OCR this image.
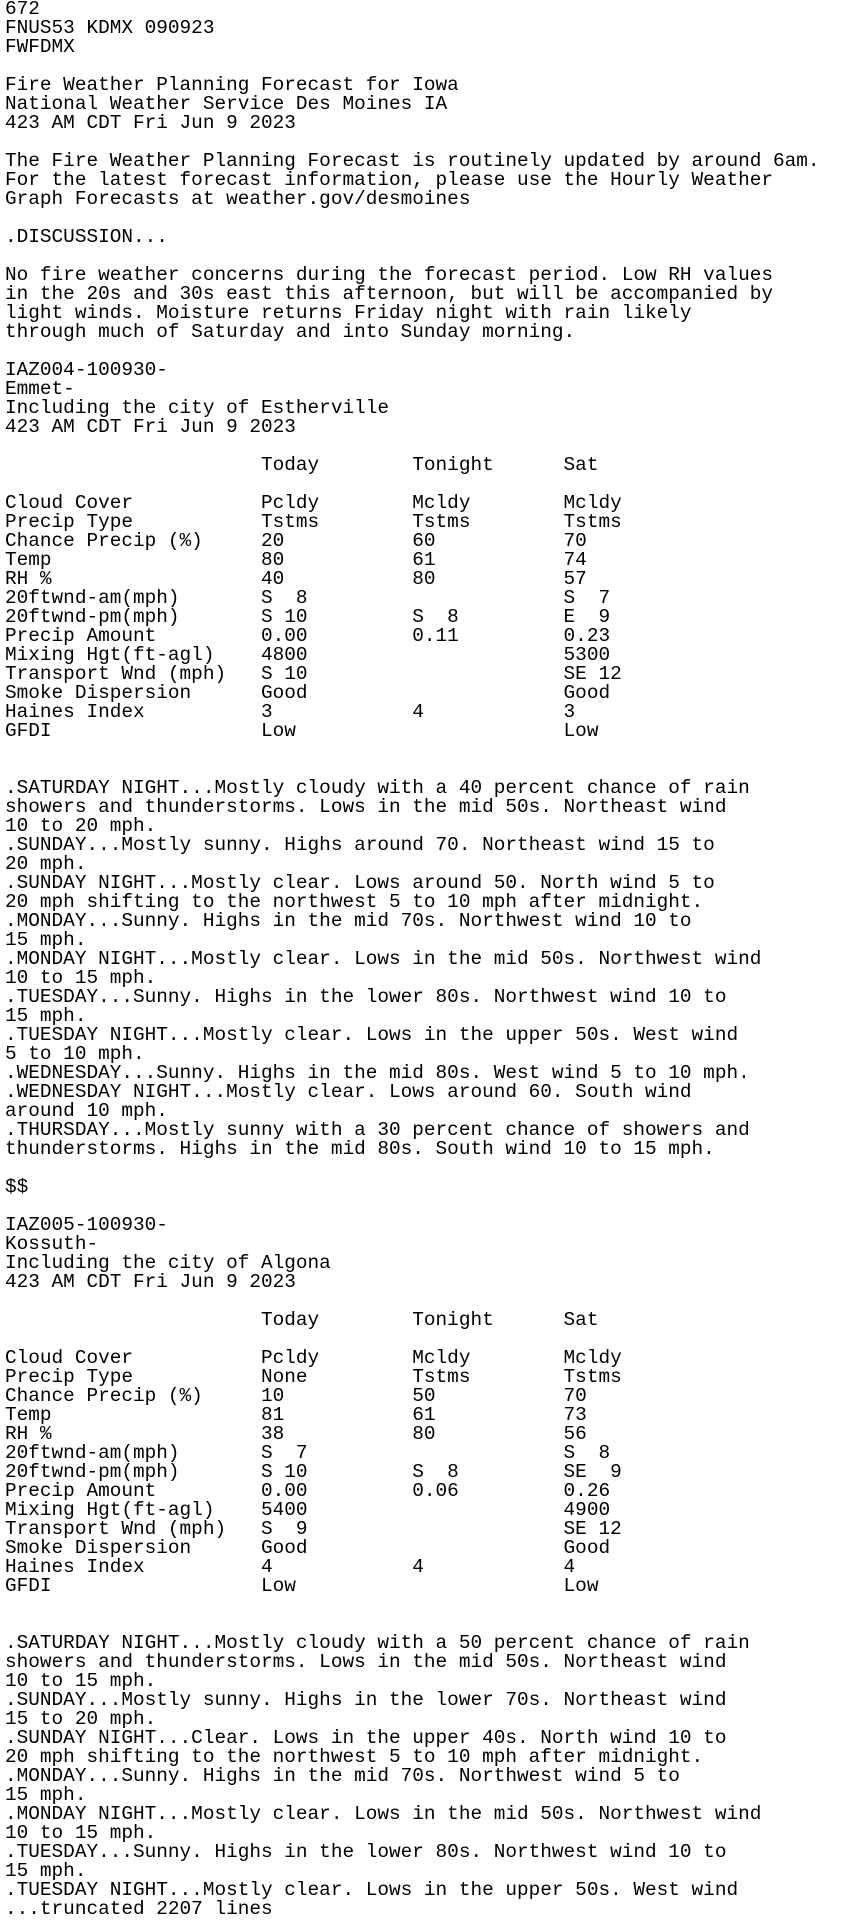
672
FNUS53 KDMX 090923
FWFDMX
Fire Weather Planning Forecast for Iowa
National Weather Service Des Moines IA
423 AM CDT Fri Jun 9 2023
The Fire Weather Planning Forecast is routinely updated by around 6am.
For the latest forecast information, please use the Hourly Weather
Graph Forecasts at weather.gov/desmoines
.DISCUSSION...
No fire weather concerns during the forecast period. Low RH values
in the 20s and 30s east this afternoon, but will be accompanied by
light winds. Moisture returns Friday night with rain likely
through much of Saturday and into Sunday morning.
IAZ004-100930-
Emmet-
Including the city of Estherville
423 AM CDT Fri Jun 9 2023
Today        Tonight      Sat
Cloud Cover           Pcldy        Mcldy        Mcldy
Precip Type           Tstms        Tstms        Tstms
Chance Precip (%)     20           60           70
Temp                  80           61           74
RH %                  40           80           57
20ftwnd-am(mph)       S  8                      S  7
20ftwnd-pm(mph)       S 10         S  8         E  9
Precip Amount         0.00         0.11         0.23
Mixing Hgt(ft-agl)    4800                      5300
Transport Wnd (mph)   S 10                      SE 12
Smoke Dispersion      Good                      Good
Haines Index          3            4            3
GFDI                  Low                       Low
.SATURDAY NIGHT...Mostly cloudy with a 40 percent chance of rain
showers and thunderstorms. Lows in the mid 50s. Northeast wind
10 to 20 mph.
.SUNDAY...Mostly sunny. Highs around 70. Northeast wind 15 to
20 mph.
.SUNDAY NIGHT...Mostly clear. Lows around 50. North wind 5 to
20 mph shifting to the northwest 5 to 10 mph after midnight.
.MONDAY...Sunny. Highs in the mid 70s. Northwest wind 10 to
15 mph.
.MONDAY NIGHT...Mostly clear. Lows in the mid 50s. Northwest wind
10 to 15 mph.
.TUESDAY...Sunny. Highs in the lower 80s. Northwest wind 10 to
15 mph.
.TUESDAY NIGHT...Mostly clear. Lows in the upper 50s. West wind
5 to 10 mph.
.WEDNESDAY...Sunny. Highs in the mid 80s. West wind 5 to 10 mph.
.WEDNESDAY NIGHT...Mostly clear. Lows around 60. South wind
around 10 mph.
.THURSDAY...Mostly sunny with a 30 percent chance of showers and
thunderstorms. Highs in the mid 80s. South wind 10 to 15 mph.
$$
IAZ005-100930-
Kossuth-
Including the city of Algona
423 AM CDT Fri Jun 9 2023
Today        Tonight      Sat
Cloud Cover           Pcldy        Mcldy        Mcldy
Precip Type           None         Tstms        Tstms
Chance Precip (%)     10           50           70
Temp                  81           61           73
RH %                  38           80           56
20ftwnd-am(mph)       S  7                      S  8
20ftwnd-pm(mph)       S 10         S  8         SE  9
Precip Amount         0.00         0.06         0.26
Mixing Hgt(ft-agl)    5400                      4900
Transport Wnd (mph)   S  9                      SE 12
Smoke Dispersion      Good                      Good
Haines Index          4            4            4
GFDI                  Low                       Low
.SATURDAY NIGHT...Mostly cloudy with a 50 percent chance of rain
showers and thunderstorms. Lows in the mid 50s. Northeast wind
10 to 15 mph.
.SUNDAY...Mostly sunny. Highs in the lower 70s. Northeast wind
15 to 20 mph.
.SUNDAY NIGHT...Clear. Lows in the upper 40s. North wind 10 to
20 mph shifting to the northwest 5 to 10 mph after midnight.
.MONDAY...Sunny. Highs in the mid 70s. Northwest wind 5 to
15 mph.
.MONDAY NIGHT...Mostly clear. Lows in the mid 50s. Northwest wind
10 to 15 mph.
.TUESDAY...Sunny. Highs in the lower 80s. Northwest wind 10 to
15 mph.
.TUESDAY NIGHT...Mostly clear. Lows in the upper 50s. West wind
...truncated 2207 lines
